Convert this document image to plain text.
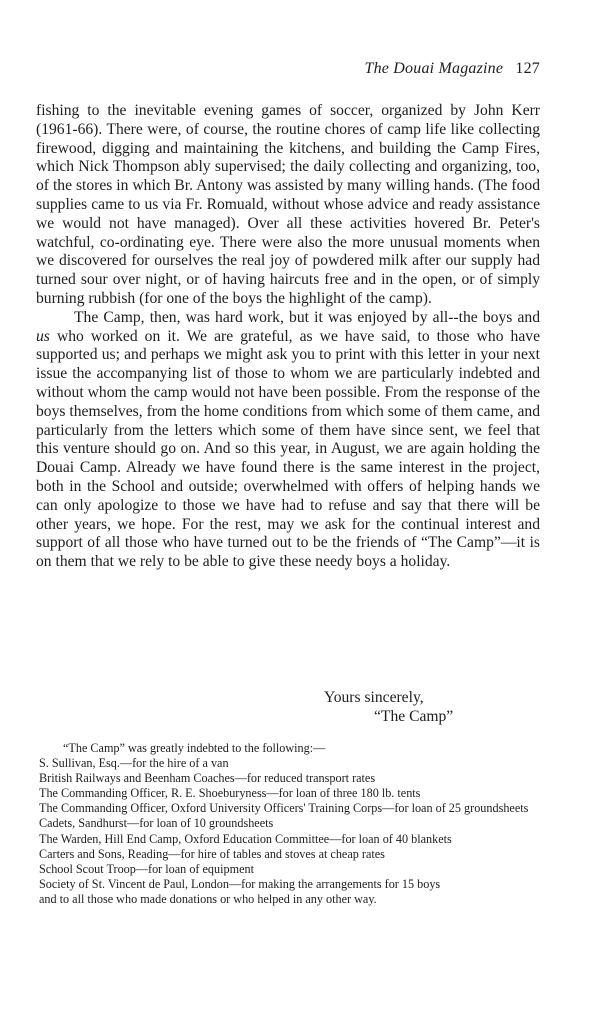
The Douai Magazine 127

fishing to the inevitable evening games of soccer, organized by John Kerr (1961-66). There were, of course, the routine chores of camp life like collecting firewood, digging and maintaining the kitchens, and building the Camp Fires, which Nick Thompson ably supervised; the daily collecting and organizing, too, of the stores in which Br. Antony was assisted by many willing hands. (The food supplies came to us via Fr. Romuald, without whose advice and ready assistance we would not have managed). Over all these activities hovered Br. Peter's watchful, co-ordinating eye. There were also the more unusual moments when we discovered for ourselves the real joy of powdered milk after our supply had turned sour over night, or of having haircuts free and in the open, or of simply burning rubbish (for one of the boys the highlight of the camp).

The Camp, then, was hard work, but it was enjoyed by all--the boys and us who worked on it. We are grateful, as we have said, to those who have supported us; and perhaps we might ask you to print with this letter in your next issue the accompanying list of those to whom we are particularly indebted and without whom the camp would not have been possible. From the response of the boys themselves, from the home conditions from which some of them came, and particularly from the letters which some of them have since sent, we feel that this venture should go on. And so this year, in August, we are again holding the Douai Camp. Already we have found there is the same interest in the project, both in the School and outside; overwhelmed with offers of helping hands we can only apologize to those we have had to refuse and say that there will be other years, we hope. For the rest, may we ask for the continual interest and support of all those who have turned out to be the friends of “The Camp”—it is on them that we rely to be able to give these needy boys a holiday.

Yours sincerely,
“The Camp”
“The Camp” was greatly indebted to the following:—
S. Sullivan, Esq.—for the hire of a van
British Railways and Beenham Coaches—for reduced transport rates
The Commanding Officer, R. E. Shoeburyness—for loan of three 180 lb. tents
The Commanding Officer, Oxford University Officers' Training Corps—for loan of 25 groundsheets
Cadets, Sandhurst—for loan of 10 groundsheets
The Warden, Hill End Camp, Oxford Education Committee—for loan of 40 blankets
Carters and Sons, Reading—for hire of tables and stoves at cheap rates
School Scout Troop—for loan of equipment
Society of St. Vincent de Paul, London—for making the arrangements for 15 boys
and to all those who made donations or who helped in any other way.
